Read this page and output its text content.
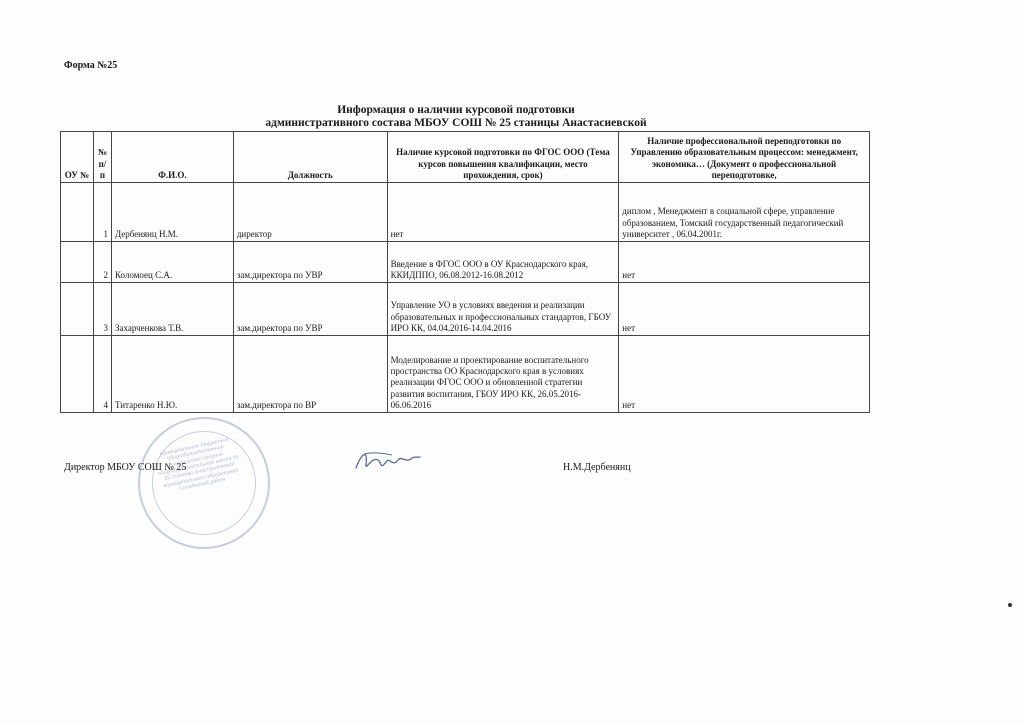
Форма №25
Информация о наличии курсовой подготовки
административного состава МБОУ СОШ № 25 станицы Анастасиевской
ОУ №	№ п/п	Ф.И.О.	Должность	Наличие курсовой подготовки по ФГОС ООО (Тема курсов повышения квалификации, место прохождения, срок)	Наличие профессиональной переподготовки по Управлению образовательным процессом: менеджмент, экономика… (Документ о профессиональной переподготовке,
	1	Дербенянц Н.М.	директор	нет	диплом , Менеджмент в социальной сфере, управление образованием, Томский государственный педагогический университет , 06.04.2001г.
	2	Коломоец С.А.	зам.директора по УВР	Введение в ФГОС ООО в ОУ Краснодарского края, ККИДППО, 06.08.2012-16.08.2012	нет
	3	Захарченкова Т.В.	зам.директора по УВР	Управление УО в условиях введения и реализации образовательных и профессиональных стандартов, ГБОУ ИРО КК, 04.04.2016-14.04.2016	нет
	4	Титаренко Н.Ю.	зам.директора по ВР	Моделирование и проектирование воспитательного пространства ОО Краснодарского края в условиях реализации ФГОС ООО и обновленной стратегии развития воспитания, ГБОУ ИРО КК, 26.05.2016-06.06.2016	нет
муниципальное бюджетное общеобразовательное учреждение средняя общеобразовательная школа № 25 станицы Анастасиевской муниципального образования Славянский район
Директор МБОУ СОШ № 25	Н.М.Дербенянц
